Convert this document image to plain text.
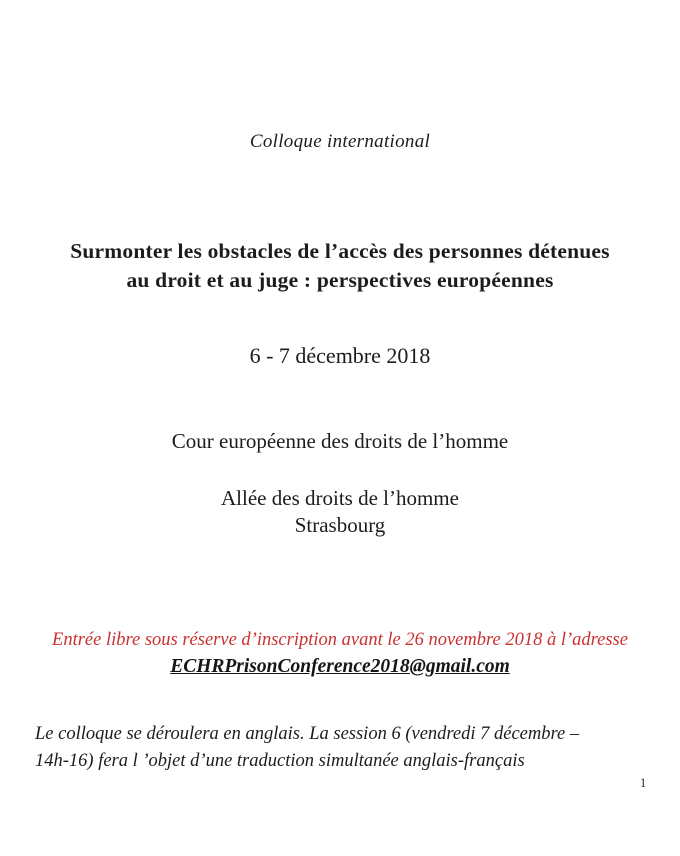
Colloque international
Surmonter les obstacles de l’accès des personnes détenues
au droit et au juge : perspectives européennes
6 - 7 décembre 2018
Cour européenne des droits de l’homme
Allée des droits de l’homme
Strasbourg
Entrée libre sous réserve d’inscription avant le 26 novembre 2018 à l’adresse
ECHRPrisonConference2018@gmail.com
Le colloque se déroulera en anglais. La session 6 (vendredi 7 décembre –
14h-16) fera l ’objet d’une traduction simultanée anglais-français
1
